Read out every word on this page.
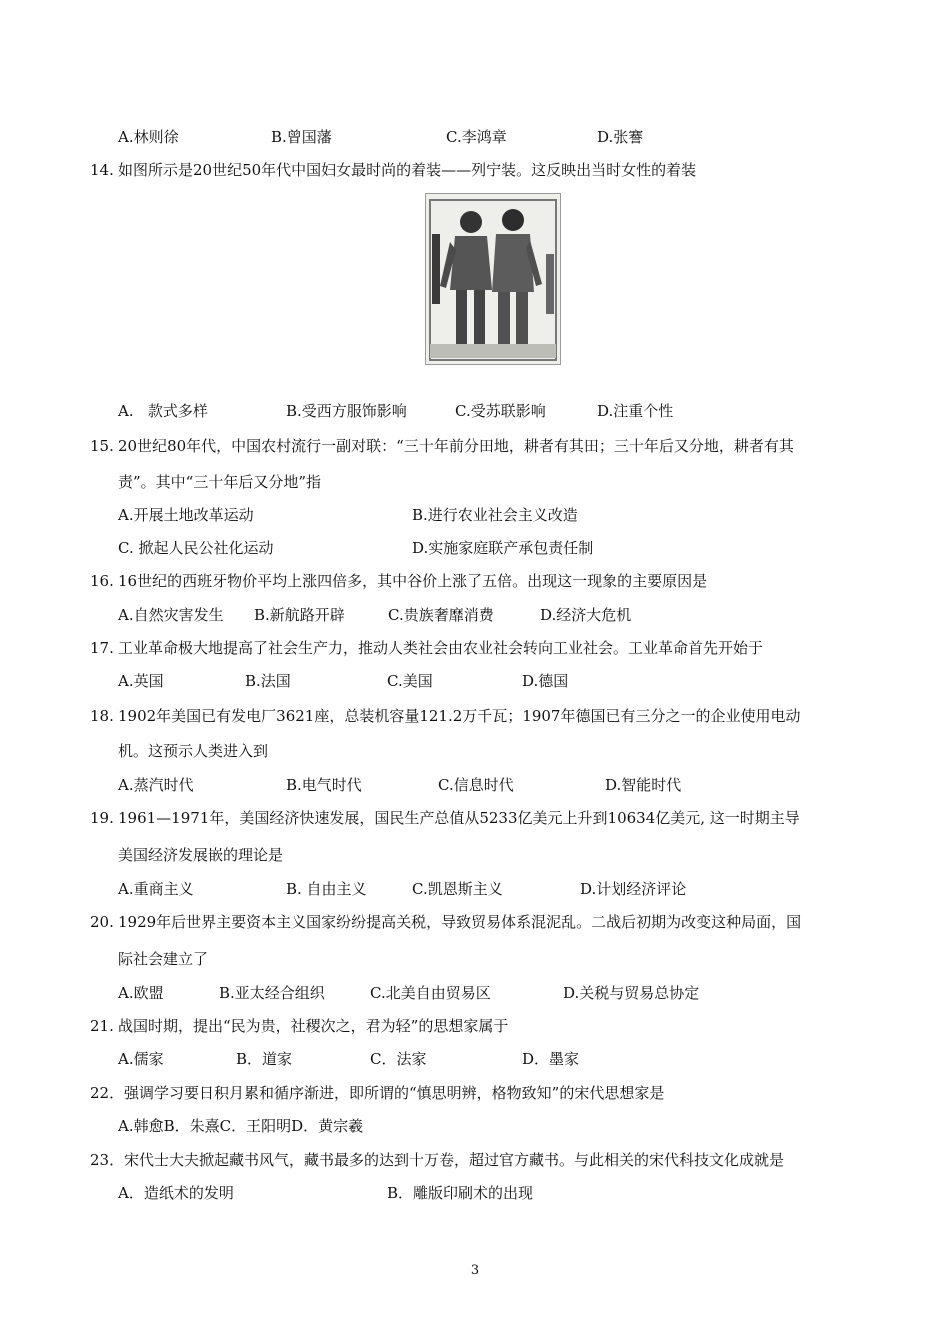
A.林则徐	B.曾国藩	C.李鸿章	D.张謇
14. 如图所示是20世纪50年代中国妇女最时尚的着装——列宁装。这反映出当时女性的着装
A.   款式多样	B.受西方服饰影响	C.受苏联影响	D.注重个性
15. 20世纪80年代，中国农村流行一副对联：“三十年前分田地，耕者有其田；三十年后又分地，耕者有其
责”。其中“三十年后又分地”指
A.开展土地改革运动	B.进行农业社会主义改造
C. 掀起人民公社化运动	D.实施家庭联产承包责任制
16. 16世纪的西班牙物价平均上涨四倍多，其中谷价上涨了五倍。出现这一现象的主要原因是
A.自然灾害发生 B.新航路开辟	C.贵族奢靡消费	D.经济大危机
17. 工业革命极大地提高了社会生产力，推动人类社会由农业社会转向工业社会。工业革命首先开始于
A.英国	B.法国	C.美国	D.德国
18. 1902年美国已有发电厂3621座，总装机容量121.2万千瓦；1907年德国已有三分之一的企业使用电动
机。这预示人类进入到
A.蒸汽时代	B.电气时代	C.信息时代	D.智能时代
19. 1961—1971年，美国经济快速发展，国民生产总值从5233亿美元上升到10634亿美元, 这一时期主导
美国经济发展嵌的理论是
A.重商主义	B. 自由主义	C.凯恩斯主义	D.计划经济评论
20. 1929年后世界主要资本主义国家纷纷提高关税，导致贸易体系混泥乱。二战后初期为改变这种局面，国
际社会建立了
A.欧盟	B.亚太经合组织	C.北美自由贸易区	D.关税与贸易总协定
21. 战国时期，提出“民为贵，社稷次之，君为轻”的思想家属于
A.儒家	B．道家	C．法家	D．墨家
22． 强调学习要日积月累和循序渐进，即所谓的“慎思明辨，格物致知”的宋代思想家是
A.韩愈B．朱熹C．王阳明D．黄宗羲
23． 宋代士大夫掀起藏书风气，藏书最多的达到十万卷，超过官方藏书。与此相关的宋代科技文化成就是
A．造纸术的发明	B．雕版印刷术的出现
3
